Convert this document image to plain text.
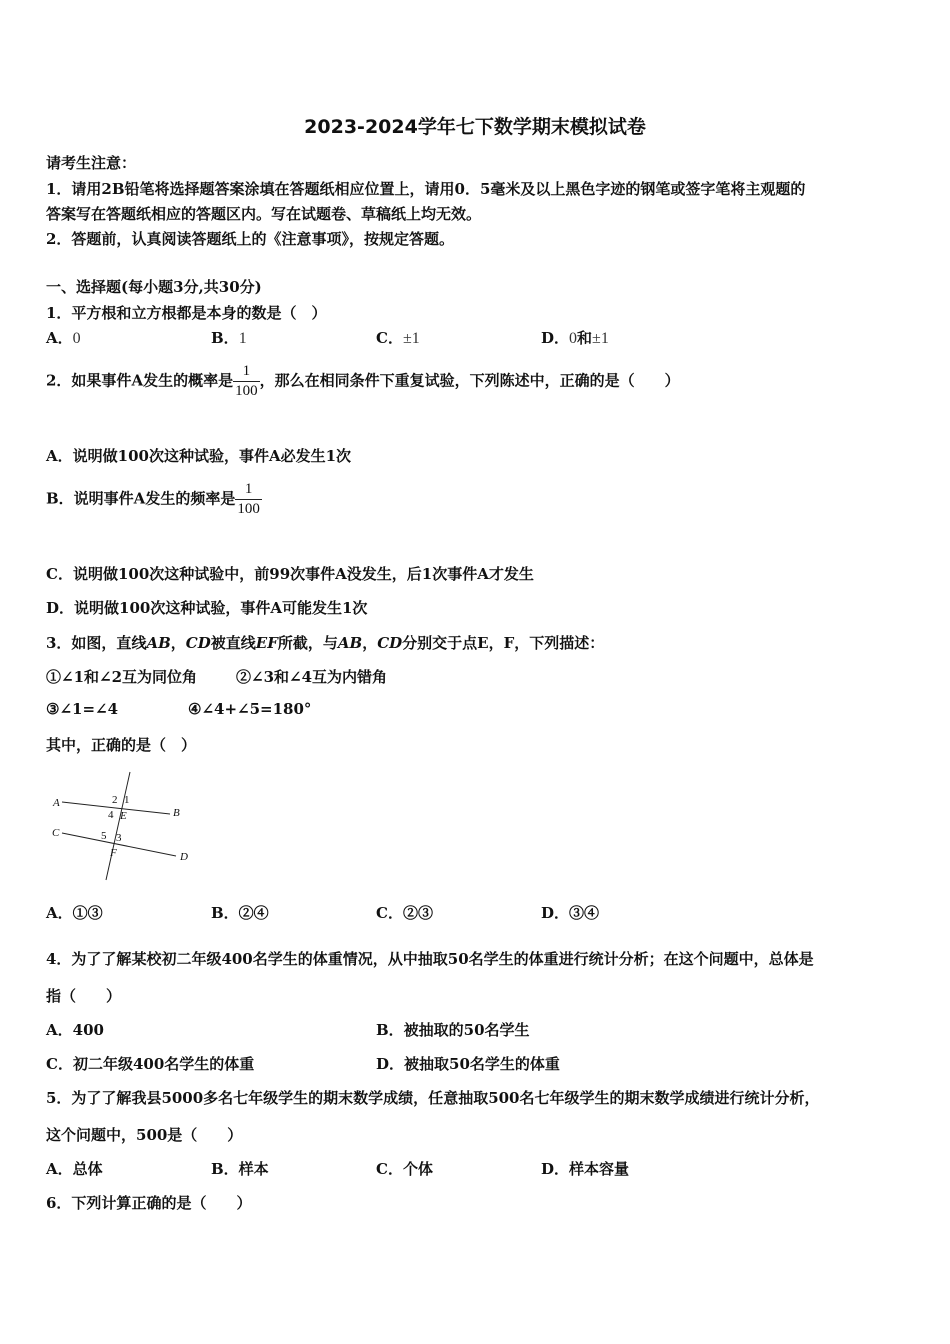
2023-2024学年七下数学期末模拟试卷
请考生注意：
1．请用2B铅笔将选择题答案涂填在答题纸相应位置上，请用0．5毫米及以上黑色字迹的钢笔或签字笔将主观题的
答案写在答题纸相应的答题区内。写在试题卷、草稿纸上均无效。
2．答题前，认真阅读答题纸上的《注意事项》，按规定答题。
一、选择题(每小题3分,共30分)
1．平方根和立方根都是本身的数是（　）
A．0	B．1	C．±1	D．0和±1
2．如果事件A发生的概率是 $\frac{1}{100}$ ，那么在相同条件下重复试验，下列陈述中，正确的是（　　）
A．说明做100次这种试验，事件A必发生1次
B．说明事件A发生的频率是 $\frac{1}{100}$
C．说明做100次这种试验中，前99次事件A没发生，后1次事件A才发生
D．说明做100次这种试验，事件A可能发生1次
3．如图，直线AB，CD被直线EF所截，与AB，CD分别交于点E，F，下列描述：
①∠1和∠2互为同位角	②∠3和∠4互为内错角
③∠1=∠4	④∠4+∠5=180°
其中，正确的是（　）
A
B
C
D
E
F
2 1
4
5 3
A．①③	B．②④	C．②③	D．③④
4．为了了解某校初二年级400名学生的体重情况，从中抽取50名学生的体重进行统计分析；在这个问题中，总体是
指（　　）
A．400	B．被抽取的50名学生
C．初二年级400名学生的体重	D．被抽取50名学生的体重
5．为了了解我县5000多名七年级学生的期末数学成绩，任意抽取500名七年级学生的期末数学成绩进行统计分析，
这个问题中，500是（　　）
A．总体	B．样本	C．个体	D．样本容量
6．下列计算正确的是（　　）
